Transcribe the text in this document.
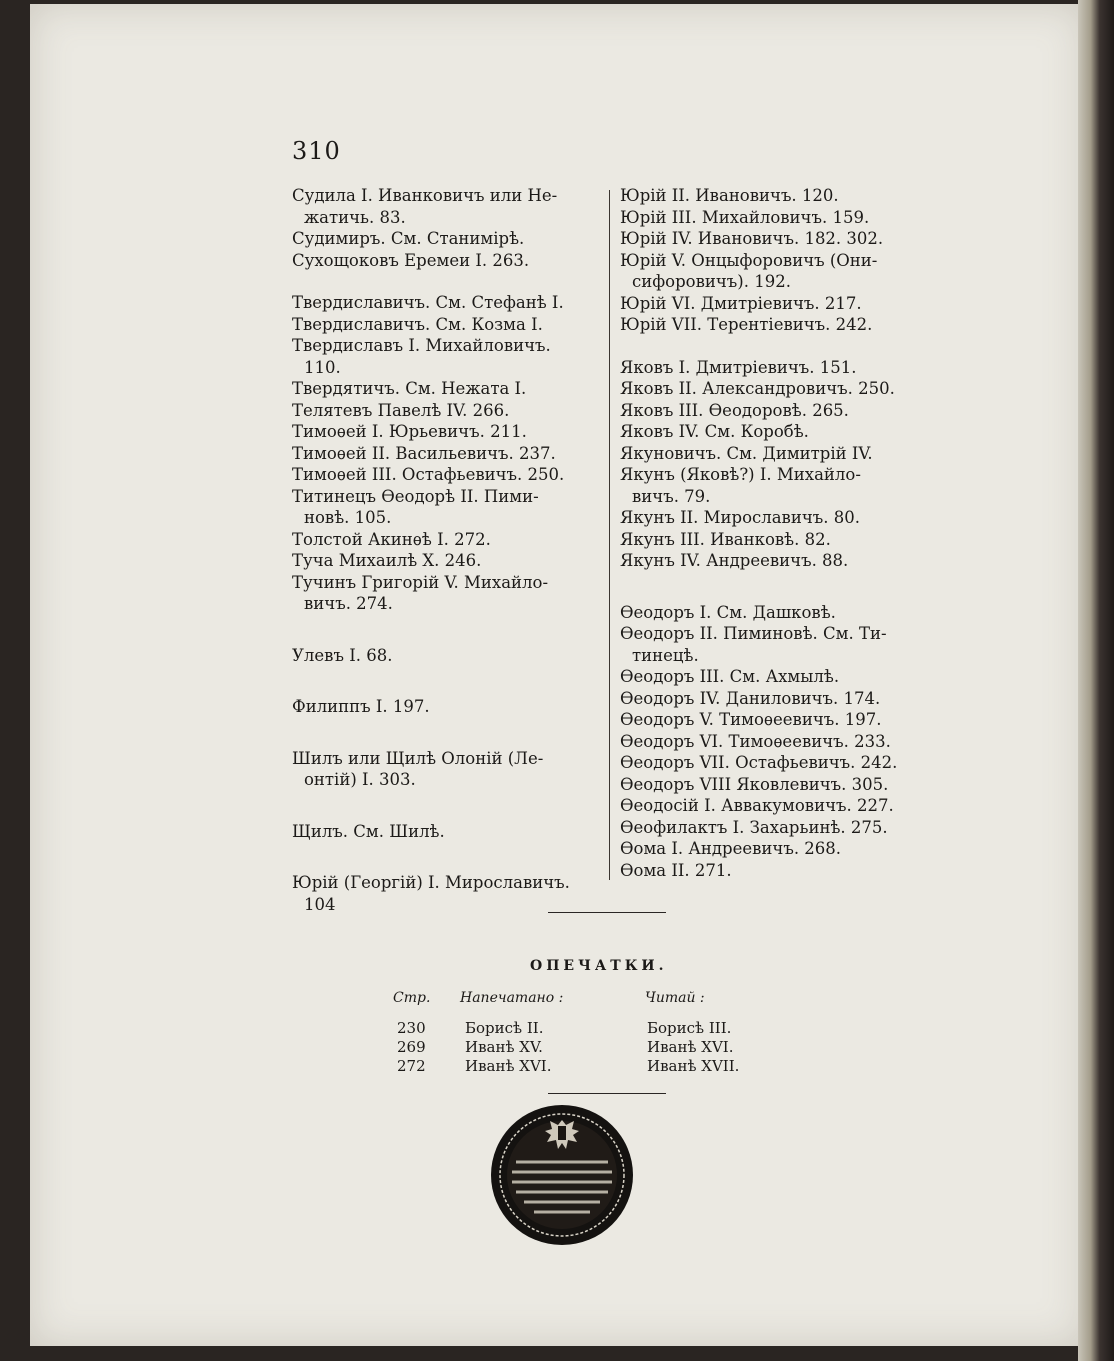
310
Судила I. Иванковичъ или Не-
жатичь. 83.
Судимиръ. См. Станимiрѣ.
Сухощоковъ Еремеи I. 263.
Твердиславичъ. См. Стефанѣ I.
Твердиславичъ. См. Козма I.
Твердиславъ I. Михайловичъ.
110.
Твердятичъ. См. Нежата I.
Телятевъ Павелѣ IV. 266.
Тимоѳей I. Юрьевичъ. 211.
Тимоѳей II. Васильевичъ. 237.
Тимоѳей III. Остафьевичъ. 250.
Титинецъ Ѳеодорѣ II. Пими-
новѣ. 105.
Толстой Акинѳѣ I. 272.
Туча Михаилѣ X. 246.
Тучинъ Григорiй V. Михайло-
вичъ. 274.
Улевъ I. 68.
Филиппъ I. 197.
Шилъ или Щилѣ Олонiй (Ле-
онтiй) I. 303.
Щилъ. См. Шилѣ.
Юрiй (Георгiй) I. Мирославичъ.
104
Юрiй II. Ивановичъ. 120.
Юрiй III. Михайловичъ. 159.
Юрiй IV. Ивановичъ. 182. 302.
Юрiй V. Онцыфоровичъ (Они-
сифоровичъ). 192.
Юрiй VI. Дмитрiевичъ. 217.
Юрiй VII. Терентiевичъ. 242.
Яковъ I. Дмитрiевичъ. 151.
Яковъ II. Александровичъ. 250.
Яковъ III. Ѳеодоровѣ. 265.
Яковъ IV. См. Коробѣ.
Якуновичъ. См. Димитрiй IV.
Якунъ (Яковѣ?) I. Михайло-
вичъ. 79.
Якунъ II. Мирославичъ. 80.
Якунъ III. Иванковѣ. 82.
Якунъ IV. Андреевичъ. 88.
Ѳеодоръ I. См. Дашковѣ.
Ѳеодоръ II. Пиминовѣ. См. Ти-
тинецѣ.
Ѳеодоръ III. См. Ахмылѣ.
Ѳеодоръ IV. Даниловичъ. 174.
Ѳеодоръ V. Тимоѳеевичъ. 197.
Ѳеодоръ VI. Тимоѳеевичъ. 233.
Ѳеодоръ VII. Остафьевичъ. 242.
Ѳеодоръ VIII Яковлевичъ. 305.
Ѳеодосiй I. Аввакумовичъ. 227.
Ѳеофилактъ I. Захарьинѣ. 275.
Ѳома I. Андреевичъ. 268.
Ѳома II. 271.
ОПЕЧАТКИ.
Стр. Напечатано :	Читай :
230	Борисѣ II.	Борисѣ III.
269	Иванѣ XV.	Иванѣ XVI.
272	Иванѣ XVI.	Иванѣ XVII.
